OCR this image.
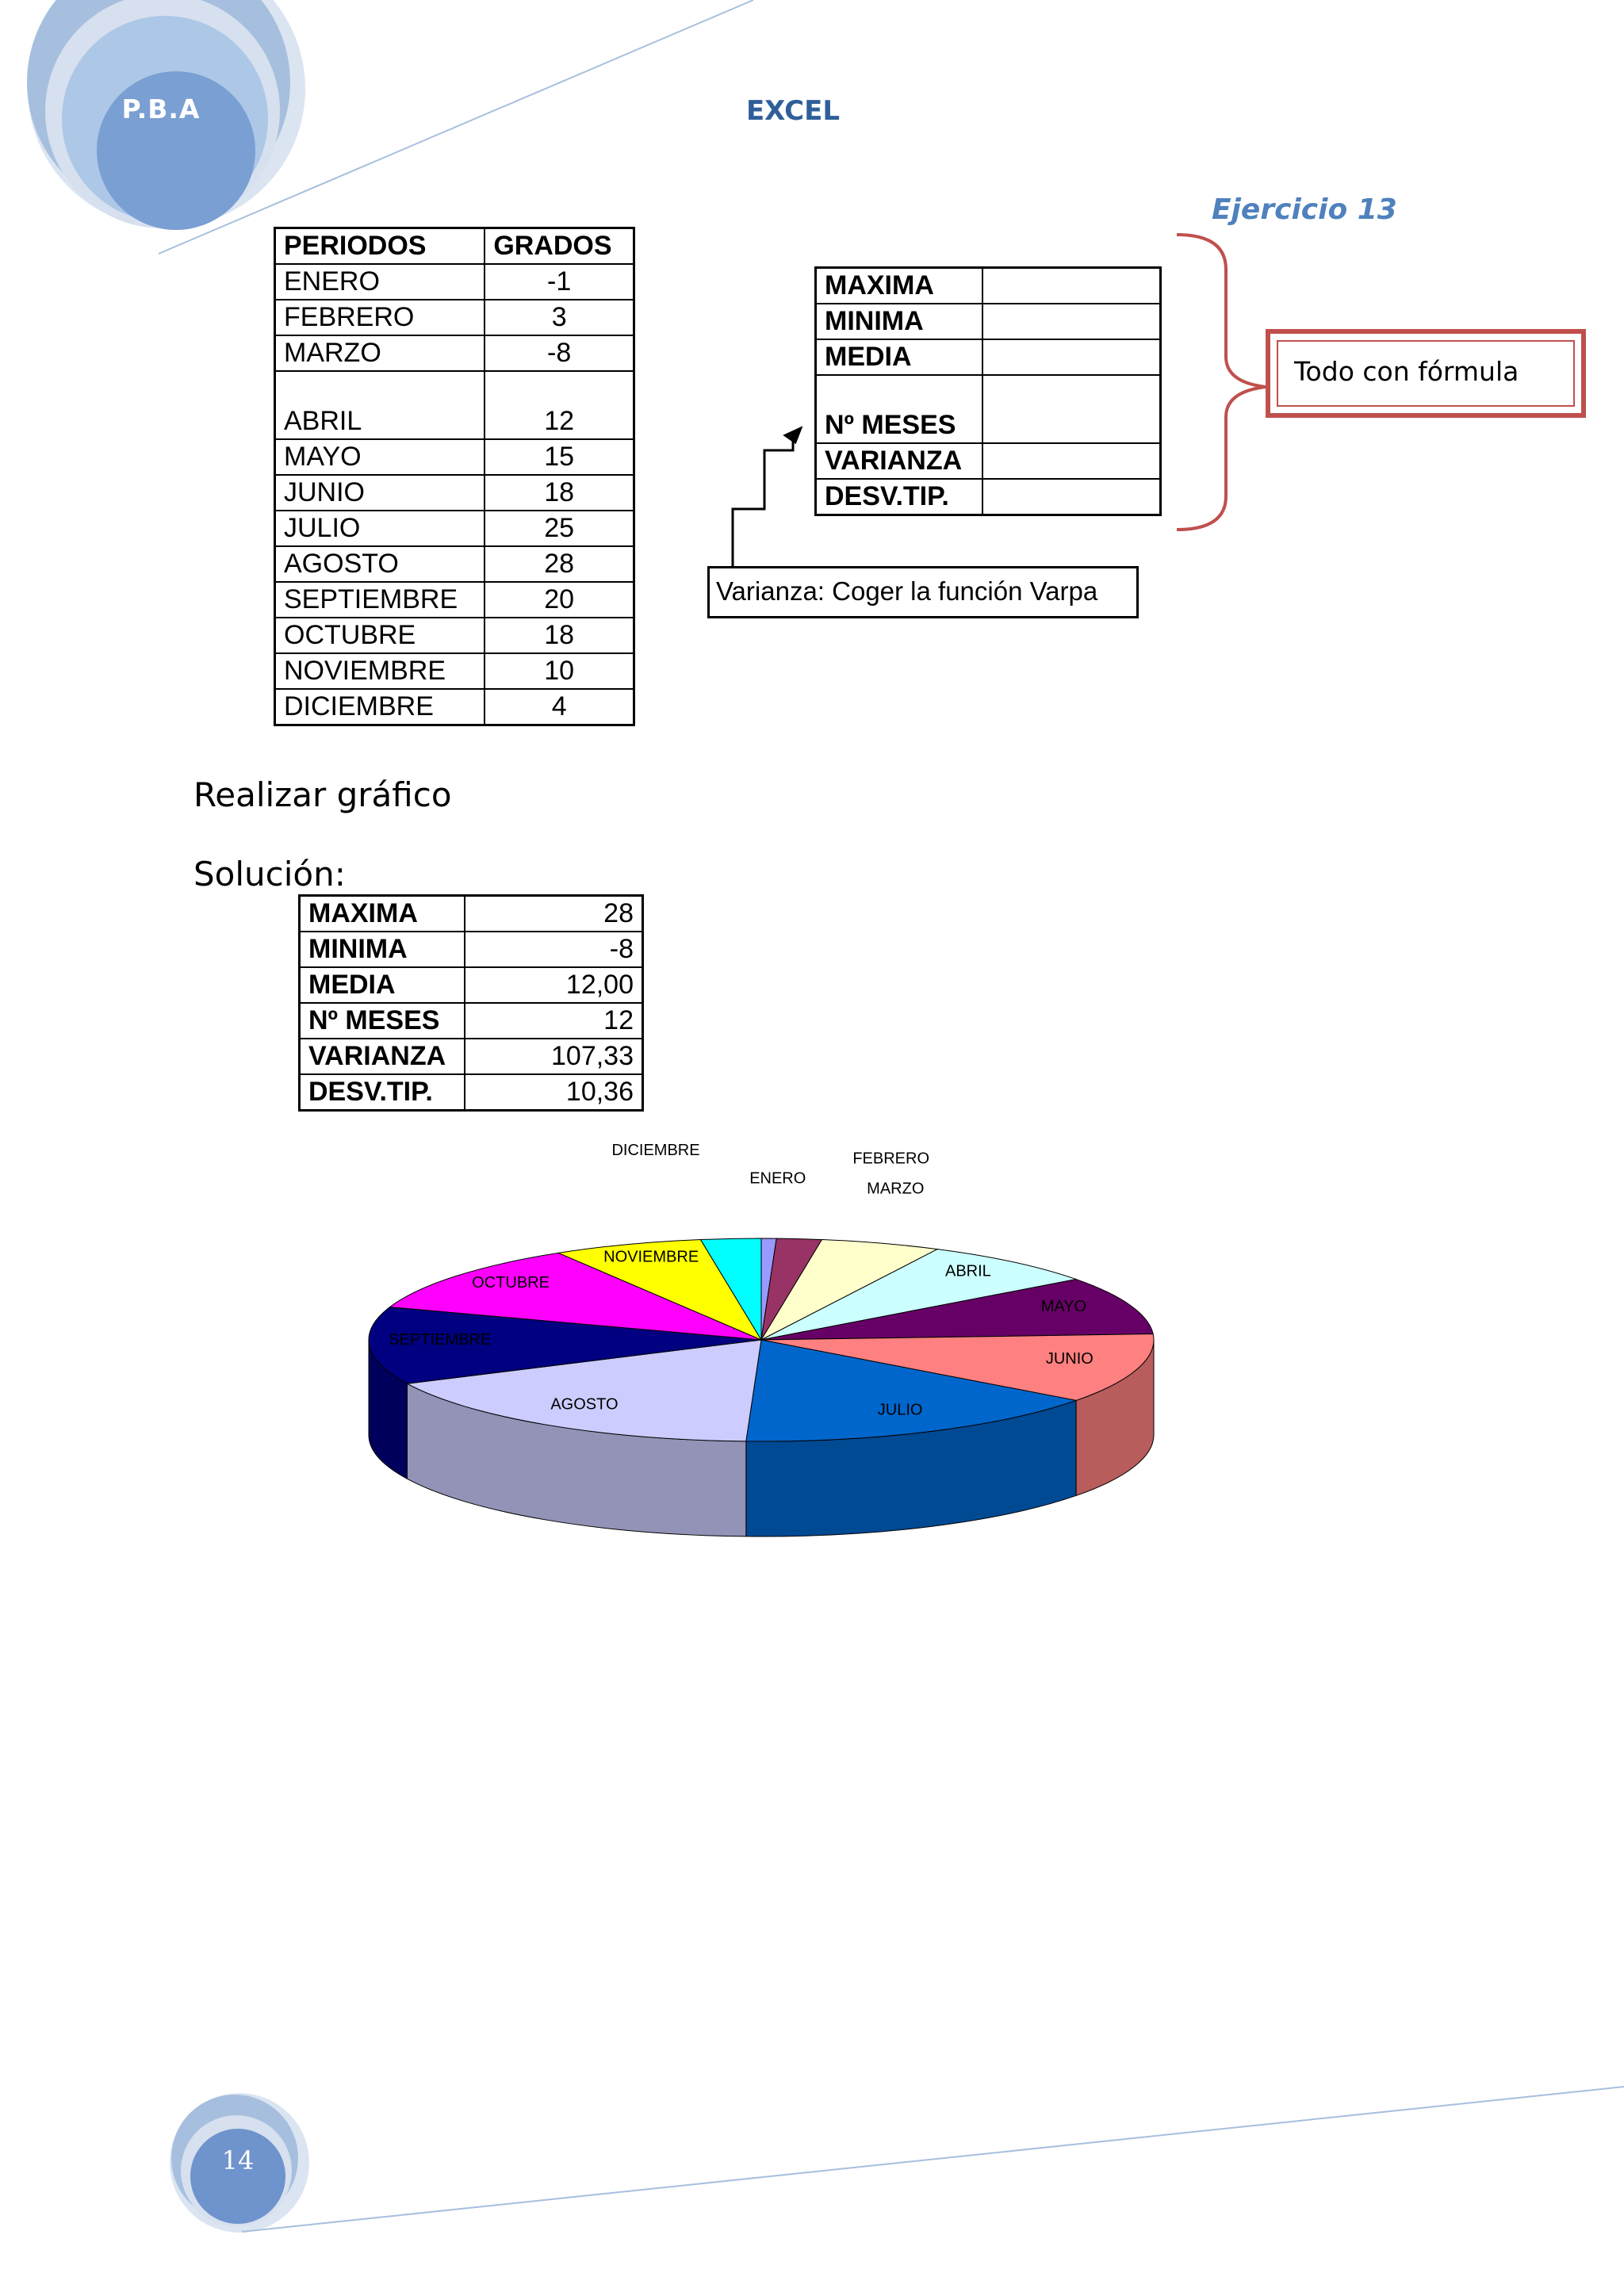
P.B.A	EXCEL
Ejercicio 13
PERIODOS	GRADOS
ENERO	-1
FEBRERO	3
MARZO	-8
ABRIL	12
MAYO	15
JUNIO	18
JULIO	25
AGOSTO	28
SEPTIEMBRE	20
OCTUBRE	18
NOVIEMBRE	10
DICIEMBRE	4
MAXIMA	
MINIMA	
MEDIA	
Nº MESES	
VARIANZA	
DESV.TIP.	
Todo con fórmula
Varianza: Coger la función Varpa
Realizar gráfico
Solución:
MAXIMA	28
MINIMA	-8
MEDIA	12,00
Nº MESES	12
VARIANZA	107,33
DESV.TIP.	10,36
ENERO
FEBRERO
MARZO
ABRIL
MAYO
JUNIO
JULIO
AGOSTO
SEPTIEMBRE
OCTUBRE
NOVIEMBRE
DICIEMBRE
14
